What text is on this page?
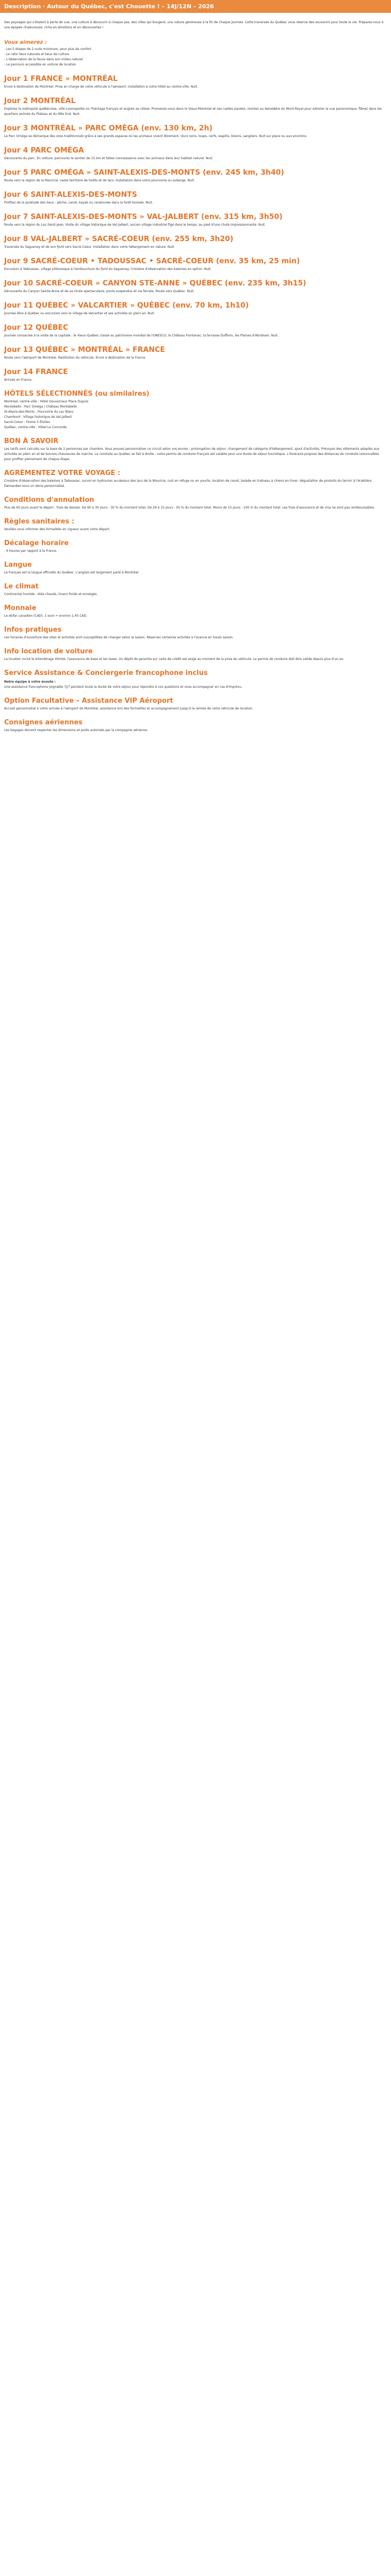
Description · Autour du Québec, c'est Chouette ! – 14J/12N – 2026

Des paysages qui s'étalent à perte de vue, une culture à découvrir à chaque pas, des villes qui bougent, une nature généreuse à la fin de chaque journée. Cette traversée du Québec vous réserve des souvenirs pour toute la vie. Préparez-vous à une épopée chaleureuse, riche en émotions et en découvertes !

Vous aimerez :
- Les 5 étapes de 2 nuits minimum, pour plus de confort
- Le ratio lieux naturels et lieux de culture
- L'observation de la faune dans son milieu naturel
- Le parcours accessible en voiture de location
Jour 1 FRANCE » MONTRÉAL

Envol à destination de Montréal. Prise en charge de votre véhicule à l'aéroport. Installation à votre hôtel au centre-ville. Nuit.

Jour 2 MONTRÉAL

Explorez la métropole québécoise, ville cosmopolite où l'héritage français et anglais se côtoie. Promenez-vous dans le Vieux-Montréal et ses ruelles pavées, montez au belvédère du Mont-Royal pour admirer la vue panoramique, flânez dans les quartiers animés du Plateau et du Mile End. Nuit.

Jour 3 MONTRÉAL » PARC OMÉGA (env. 130 km, 2h)

Le Parc Oméga se démarque des zoos traditionnels grâce à ses grands espaces où les animaux vivent librement. Ours noirs, loups, cerfs, wapitis, bisons, sangliers. Nuit sur place ou aux environs.

Jour 4 PARC OMÉGA

Découverte du parc. En voiture, parcourez le sentier de 15 km et faites connaissance avec les animaux dans leur habitat naturel. Nuit.

Jour 5 PARC OMÉGA » SAINT-ALEXIS-DES-MONTS (env. 245 km, 3h40)

Route vers la région de la Mauricie, vaste territoire de forêts et de lacs. Installation dans votre pourvoirie ou auberge. Nuit.

Jour 6 SAINT-ALEXIS-DES-MONTS

Profitez de la quiétude des lieux : pêche, canot, kayak ou randonnée dans la forêt boréale. Nuit.

Jour 7 SAINT-ALEXIS-DES-MONTS » VAL-JALBERT (env. 315 km, 3h50)

Route vers la région du Lac-Saint-Jean. Visite du village historique de Val-Jalbert, ancien village industriel figé dans le temps, au pied d'une chute impressionnante. Nuit.

Jour 8 VAL-JALBERT » SACRÉ-COEUR (env. 255 km, 3h20)

Traversée du Saguenay et de son fjord vers Sacré-Coeur. Installation dans votre hébergement en nature. Nuit.

Jour 9 SACRÉ-COEUR • TADOUSSAC • SACRÉ-COEUR (env. 35 km, 25 min)

Excursion à Tadoussac, village pittoresque à l'embouchure du fjord du Saguenay. Croisière d'observation des baleines en option. Nuit.

Jour 10 SACRÉ-COEUR » CANYON STE-ANNE » QUÉBEC (env. 235 km, 3h15)

Découverte du Canyon Sainte-Anne et de sa chute spectaculaire, ponts suspendus et via ferrata. Route vers Québec. Nuit.

Jour 11 QUÉBEC » VALCARTIER » QUÉBEC (env. 70 km, 1h10)

Journée libre à Québec ou excursion vers le village de Valcartier et ses activités en plein air. Nuit.

Jour 12 QUÉBEC

Journée consacrée à la visite de la capitale : le Vieux-Québec classé au patrimoine mondial de l'UNESCO, le Château Frontenac, la terrasse Dufferin, les Plaines d'Abraham. Nuit.

Jour 13 QUÉBEC » MONTRÉAL » FRANCE

Route vers l'aéroport de Montréal. Restitution du véhicule. Envol à destination de la France.

Jour 14 FRANCE

Arrivée en France.

HÔTELS SÉLECTIONNÉS (ou similaires)
Montréal, centre-ville : Hôtel Gouverneur Place Dupuis
Montebello : Parc Oméga / Château Montebello
St-Alexis-des-Monts : Pourvoirie du Lac Blanc
Chambord : Village historique de Val-Jalbert
Sacré-Coeur : Ferme 5 Étoiles
Québec, centre-ville : Hôtel Le Concorde
BON À SAVOIR

Les tarifs sont calculés sur la base de 2 personnes par chambre. Vous pouvez personnaliser ce circuit selon vos envies : prolongation de séjour, changement de catégorie d'hébergement, ajout d'activités. Prévoyez des vêtements adaptés aux activités en plein air et de bonnes chaussures de marche. La conduite au Québec se fait à droite ; votre permis de conduire français est valable pour une durée de séjour touristique. L'itinéraire propose des distances de conduite raisonnables pour profiter pleinement de chaque étape.

AGRÉMENTEZ VOTRE VOYAGE :

Croisière d'observation des baleines à Tadoussac, survol en hydravion au-dessus des lacs de la Mauricie, nuit en refuge ou en yourte, location de canot, balade en traîneau à chiens en hiver, dégustation de produits du terroir à l'érablière. Demandez-nous un devis personnalisé.

Conditions d'annulation

Plus de 60 jours avant le départ : frais de dossier. De 60 à 30 jours : 30 % du montant total. De 29 à 15 jours : 50 % du montant total. Moins de 15 jours : 100 % du montant total. Les frais d'assurance et de visa ne sont pas remboursables.

Règles sanitaires :

Veuillez vous informer des formalités en vigueur avant votre départ.

Décalage horaire

- 6 heures par rapport à la France.

Langue

Le français est la langue officielle du Québec. L'anglais est largement parlé à Montréal.

Le climat

Continental humide : étés chauds, hivers froids et enneigés.

Monnaie

Le dollar canadien (CAD). 1 euro = environ 1,45 CAD.

Infos pratiques

Les horaires d'ouverture des sites et activités sont susceptibles de changer selon la saison. Réservez certaines activités à l'avance en haute saison.

Info location de voiture

La location inclut le kilométrage illimité, l'assurance de base et les taxes. Un dépôt de garantie sur carte de crédit est exigé au moment de la prise du véhicule. Le permis de conduire doit être valide depuis plus d'un an.

Service Assistance & Conciergerie francophone inclus
Notre équipe à votre écoute :

Une assistance francophone joignable 7j/7 pendant toute la durée de votre séjour pour répondre à vos questions et vous accompagner en cas d'imprévu.

Option Facultative – Assistance VIP Aéroport

Accueil personnalisé à votre arrivée à l'aéroport de Montréal, assistance lors des formalités et accompagnement jusqu'à la remise de votre véhicule de location.

Consignes aériennes

Les bagages doivent respecter les dimensions et poids autorisés par la compagnie aérienne.
